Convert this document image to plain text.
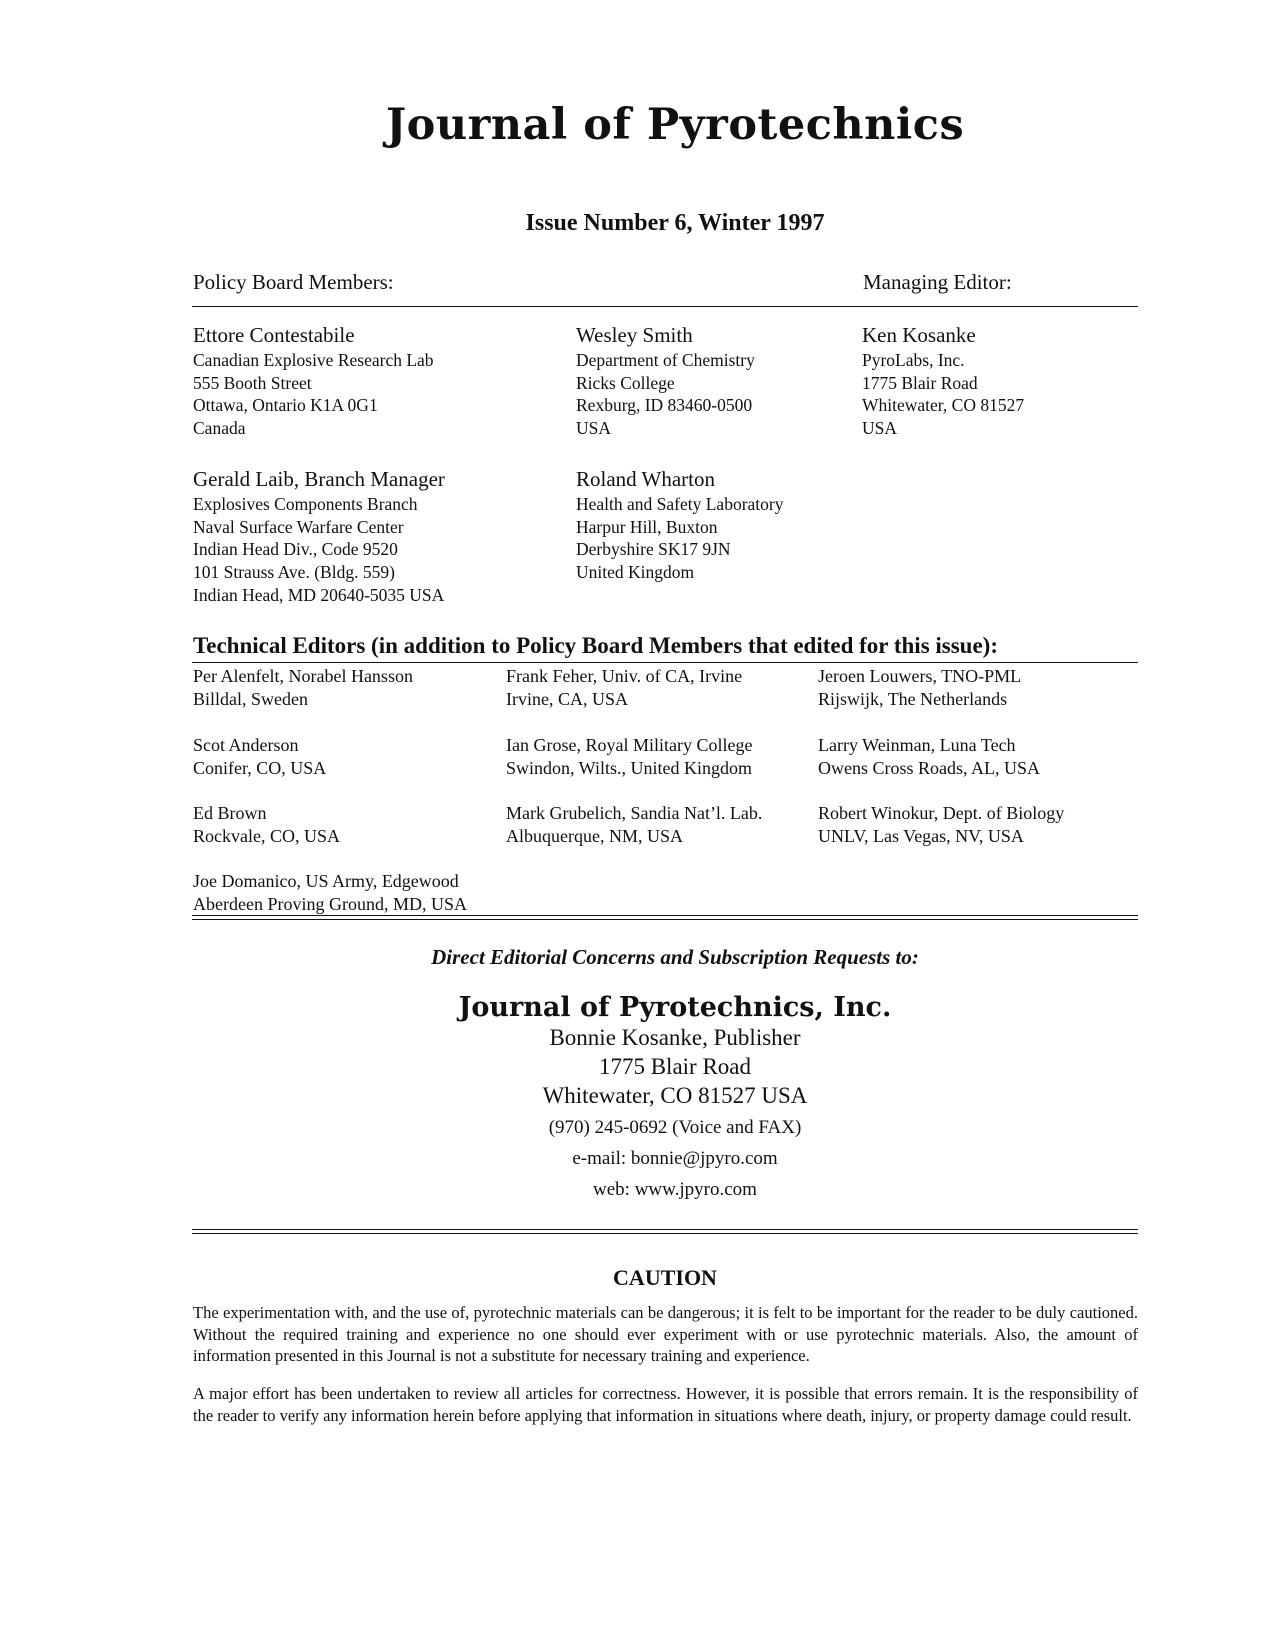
Journal of Pyrotechnics
Issue Number 6, Winter 1997
Policy Board Members:	Managing Editor:
Ettore Contestabile
Canadian Explosive Research Lab
555 Booth Street
Ottawa, Ontario K1A 0G1
Canada
Wesley Smith
Department of Chemistry
Ricks College
Rexburg, ID 83460-0500
USA
Ken Kosanke
PyroLabs, Inc.
1775 Blair Road
Whitewater, CO 81527
USA
Gerald Laib, Branch Manager
Explosives Components Branch
Naval Surface Warfare Center
Indian Head Div., Code 9520
101 Strauss Ave. (Bldg. 559)
Indian Head, MD 20640-5035 USA
Roland Wharton
Health and Safety Laboratory
Harpur Hill, Buxton
Derbyshire SK17 9JN
United Kingdom
Technical Editors (in addition to Policy Board Members that edited for this issue):
Per Alenfelt, Norabel Hansson
Billdal, Sweden
Frank Feher, Univ. of CA, Irvine
Irvine, CA, USA
Jeroen Louwers, TNO-PML
Rijswijk, The Netherlands
Scot Anderson
Conifer, CO, USA
Ian Grose, Royal Military College
Swindon, Wilts., United Kingdom
Larry Weinman, Luna Tech
Owens Cross Roads, AL, USA
Ed Brown
Rockvale, CO, USA
Mark Grubelich, Sandia Nat’l. Lab.
Albuquerque, NM, USA
Robert Winokur, Dept. of Biology
UNLV, Las Vegas, NV, USA
Joe Domanico, US Army, Edgewood
Aberdeen Proving Ground, MD, USA
Direct Editorial Concerns and Subscription Requests to:
Journal of Pyrotechnics, Inc.
Bonnie Kosanke, Publisher
1775 Blair Road
Whitewater, CO 81527 USA
(970) 245-0692 (Voice and FAX)
e-mail: bonnie@jpyro.com
web: www.jpyro.com
CAUTION
The experimentation with, and the use of, pyrotechnic materials can be dangerous; it is felt to be important for the reader to be duly cautioned. Without the required training and experience no one should ever experiment with or use pyrotechnic materials. Also, the amount of information presented in this Journal is not a substitute for necessary training and experience.
A major effort has been undertaken to review all articles for correctness. However, it is possible that errors remain. It is the responsibility of the reader to verify any information herein before applying that information in situations where death, injury, or property damage could result.
